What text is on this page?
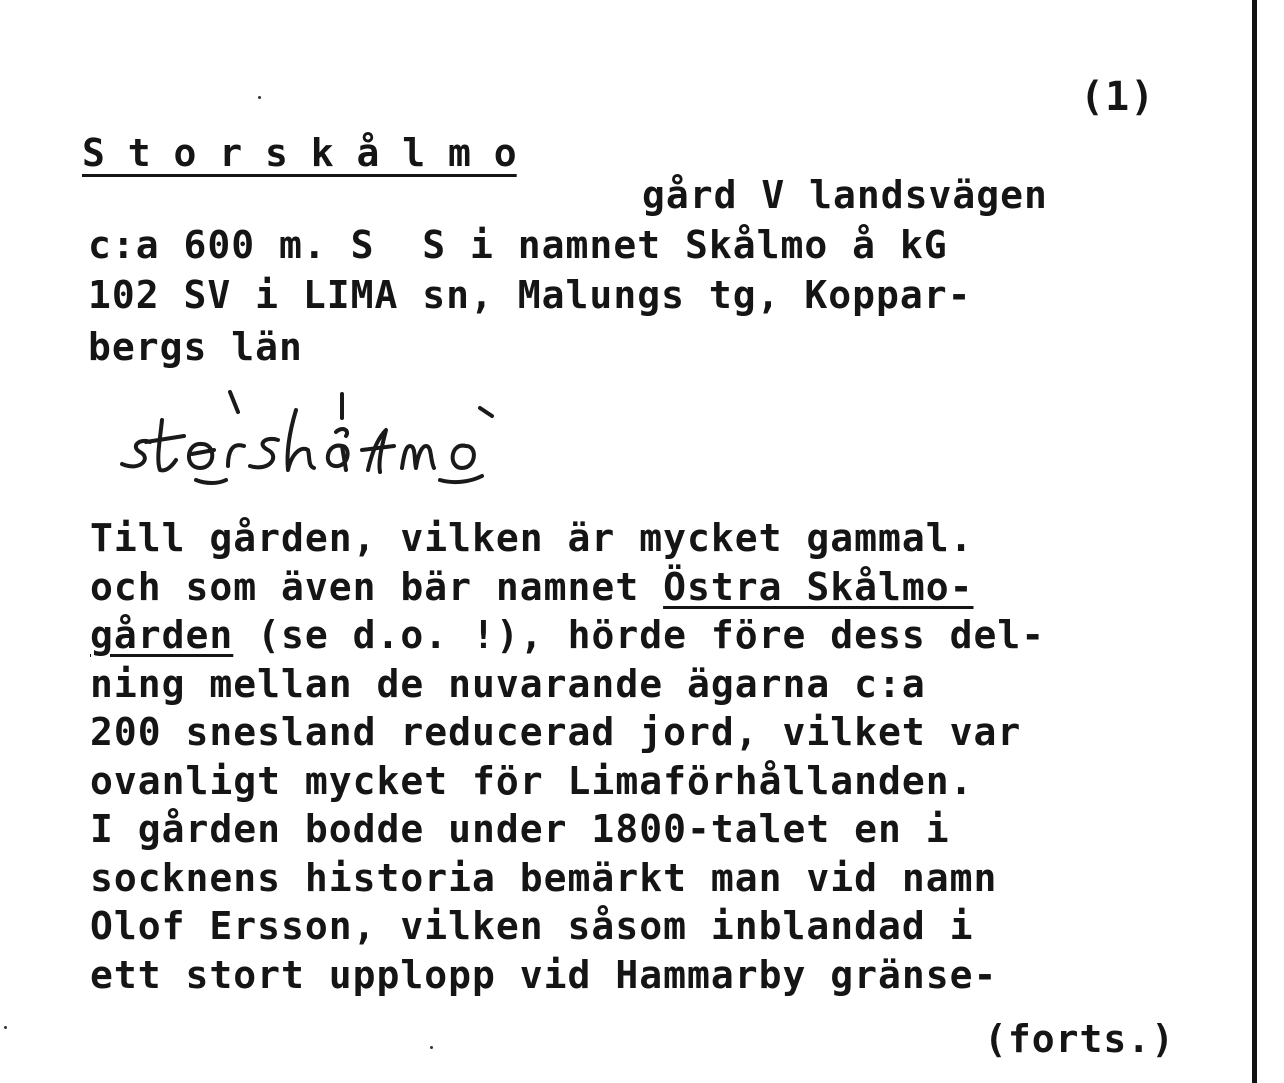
(1)
S t o r s k å l m o
gård V landsvägen
c:a 600 m. S  S i namnet Skålmo å kG
102 SV i LIMA sn, Malungs tg, Koppar-
bergs län
Till gården, vilken är mycket gammal.
och som även bär namnet Östra Skålmo-
gården (se d.o. !), hörde före dess del-
ning mellan de nuvarande ägarna c:a
200 snesland reducerad jord, vilket var
ovanligt mycket för Limaförhållanden.
I gården bodde under 1800-talet en i
socknens historia bemärkt man vid namn
Olof Ersson, vilken såsom inblandad i
ett stort upplopp vid Hammarby gränse-
(forts.)
